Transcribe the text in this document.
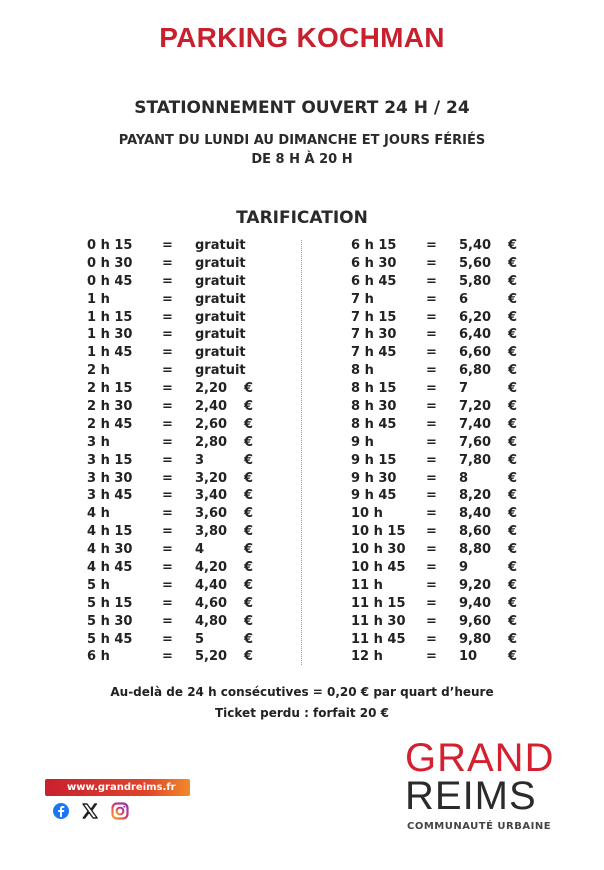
PARKING KOCHMAN
STATIONNEMENT OUVERT 24 H / 24
PAYANT DU LUNDI AU DIMANCHE ET JOURS FÉRIÉS
DE 8 H À 20 H
TARIFICATION
0 h 15 = gratuit
0 h 30 = gratuit
0 h 45 = gratuit
1 h	= gratuit
1 h 15 = gratuit
1 h 30 = gratuit
1 h 45 = gratuit
2 h	= gratuit
2 h 15 = 2,20 €
2 h 30 = 2,40 €
2 h 45 = 2,60 €
3 h	= 2,80 €
3 h 15 = 3	€
3 h 30 = 3,20 €
3 h 45 = 3,40 €
4 h	= 3,60 €
4 h 15 = 3,80 €
4 h 30 = 4	€
4 h 45 = 4,20 €
5 h	= 4,40 €
5 h 15 = 4,60 €
5 h 30 = 4,80 €
5 h 45 = 5	€
6 h	= 5,20 €
6 h 15 = 5,40 €
6 h 30 = 5,60 €
6 h 45 = 5,80 €
7 h	= 6	€
7 h 15 = 6,20 €
7 h 30 = 6,40 €
7 h 45 = 6,60 €
8 h	= 6,80 €
8 h 15 = 7	€
8 h 30 = 7,20 €
8 h 45 = 7,40 €
9 h	= 7,60 €
9 h 15 = 7,80 €
9 h 30 = 8	€
9 h 45 = 8,20 €
10 h	= 8,40 €
10 h 15 = 8,60 €
10 h 30 = 8,80 €
10 h 45 = 9	€
11 h	= 9,20 €
11 h 15 = 9,40 €
11 h 30 = 9,60 €
11 h 45 = 9,80 €
12 h	= 10 €
Au-delà de 24 h consécutives = 0,20 € par quart d’heure
Ticket perdu : forfait 20 €
www.grandreims.fr
GRAND
REIMS
COMMUNAUTÉ URBAINE
